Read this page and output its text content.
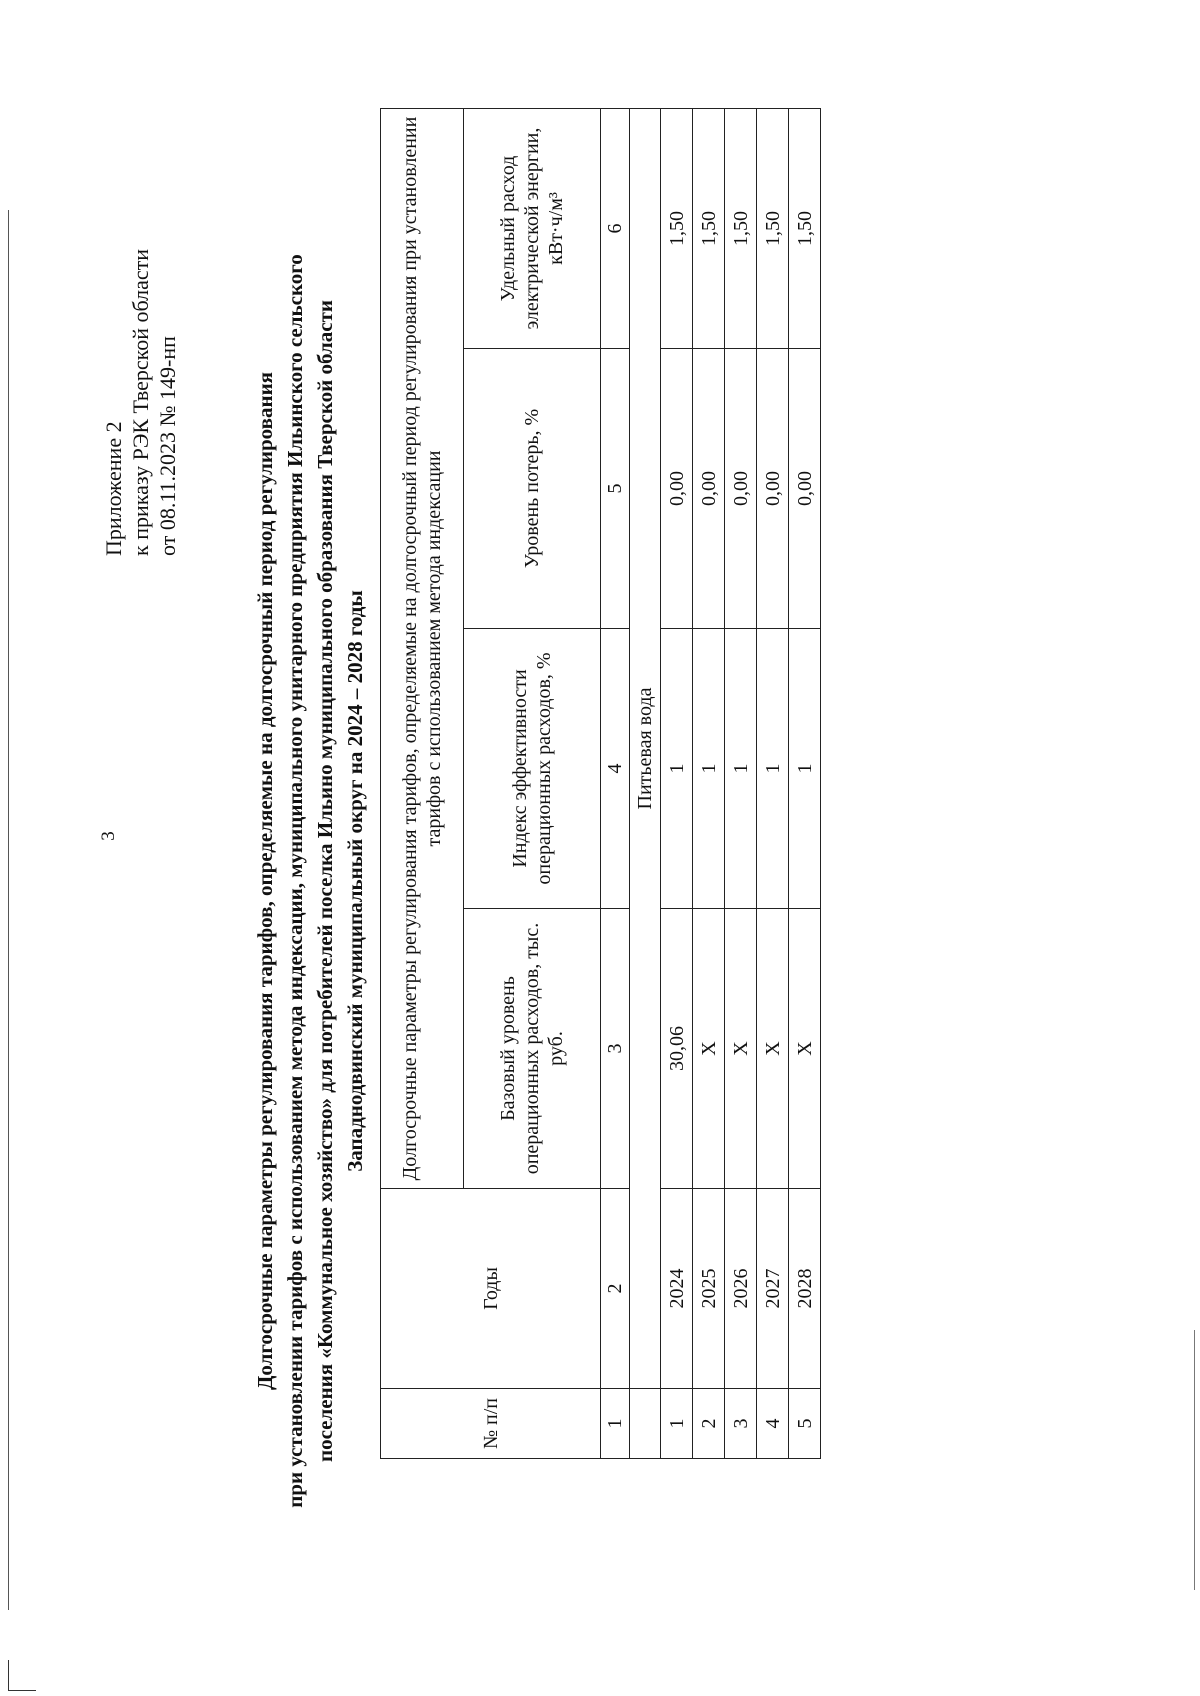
3
Приложение 2 к приказу РЭК Тверской области от 08.11.2023 № 149-нп	Долгосрочные параметры регулирования тарифов, определяемые на долгосрочный период регулирования при установлении тарифов с использованием метода индексации, муниципального унитарного предприятия Ильинского сельского поселения «Коммунальное хозяйство» для потребителей поселка Ильино муниципального образования Тверской области Западнодвинский муниципальный округ на 2024 – 2028 годы
№ п/п	Годы	Долгосрочные параметры регулирования тарифов, определяемые на долгосрочный период регулирования при установлении тарифов с использованием метода индексации			
		Базовый уровень операционных расходов, тыс. руб.	Индекс эффективности операционных расходов, %	Уровень потерь, %	Удельный расход электрической энергии, кВт·ч/м³
1	2	3	4	5	6
	Питьевая вода				
1	2024	30,06	1	0,00	1,50
2	2025	Х	1	0,00	1,50
3	2026	Х	1	0,00	1,50
4	2027	Х	1	0,00	1,50
5	2028	Х	1	0,00	1,50
